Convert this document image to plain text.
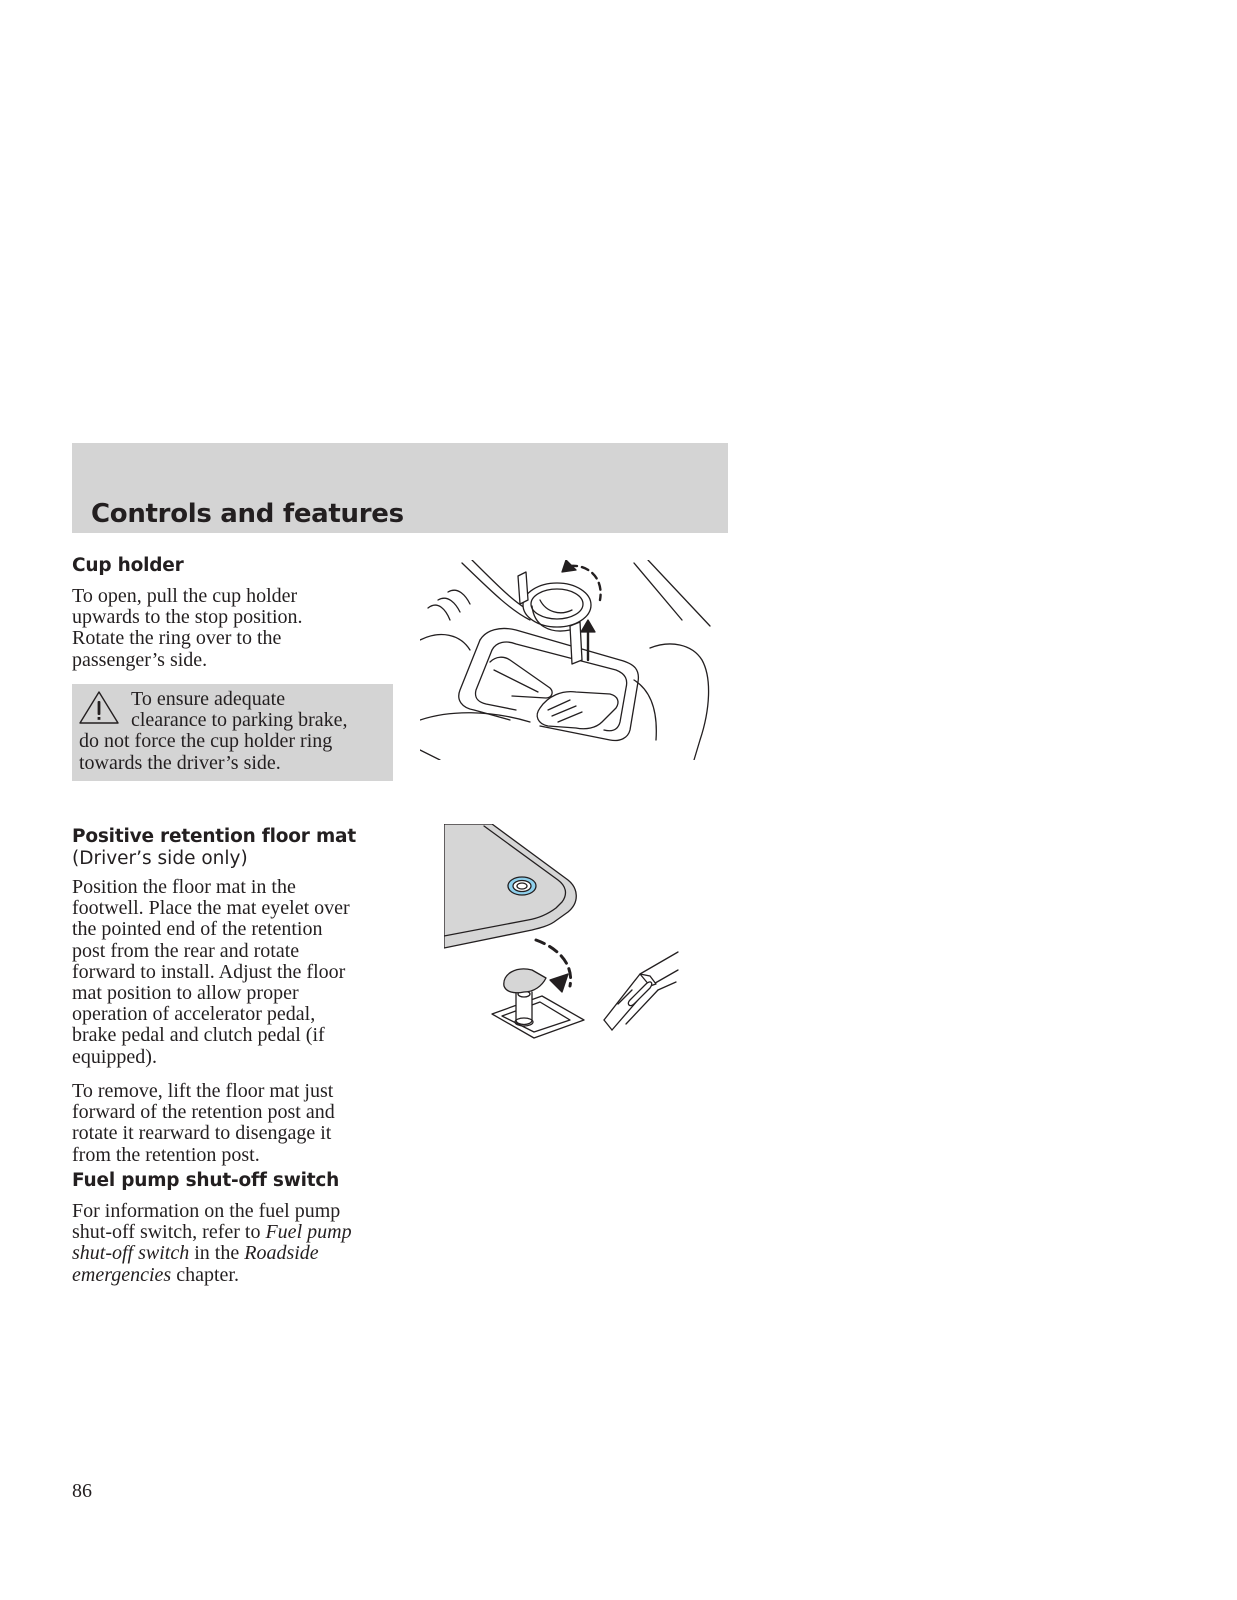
Controls and features
Cup holder

To open, pull the cup holder
upwards to the stop position.
Rotate the ring over to the
passenger’s side.

To ensure adequate
clearance to parking brake,
do not force the cup holder ring
towards the driver’s side.

Positive retention floor mat

(Driver’s side only)

Position the floor mat in the
footwell. Place the mat eyelet over
the pointed end of the retention
post from the rear and rotate
forward to install. Adjust the floor
mat position to allow proper
operation of accelerator pedal,
brake pedal and clutch pedal (if
equipped).

To remove, lift the floor mat just
forward of the retention post and
rotate it rearward to disengage it
from the retention post.

Fuel pump shut-off switch

For information on the fuel pump
shut-off switch, refer to Fuel pump
shut-off switch in the Roadside
emergencies chapter.

86
